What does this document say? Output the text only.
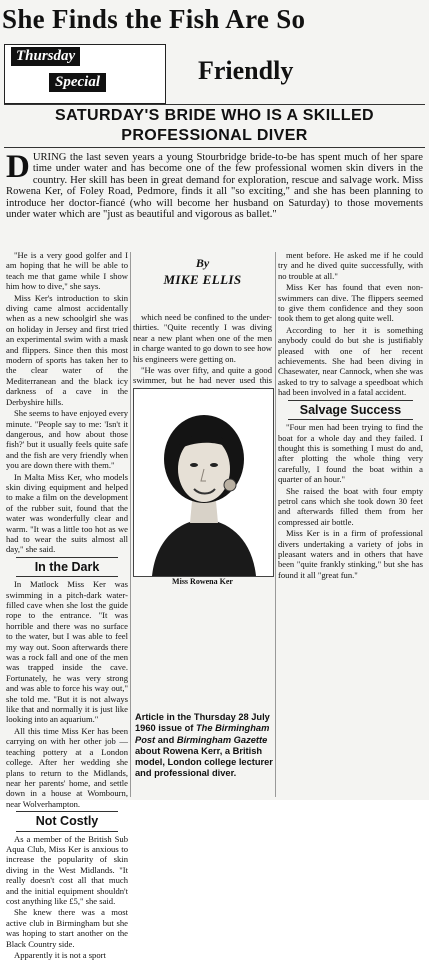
She Finds the Fish Are So
Thursday
Special	Friendly
SATURDAY'S BRIDE WHO IS A SKILLED
PROFESSIONAL DIVER
DURING the last seven years a young Stourbridge bride-to-be has spent much of her spare time under water and has become one of the few professional women skin divers in the country. Her skill has been in great demand for exploration, rescue and salvage work. Miss Rowena Ker, of Foley Road, Pedmore, finds it all "so exciting," and she has been planning to introduce her doctor-fiancé (who will become her husband on Saturday) to those movements under water which are "just as beautiful and vigorous as ballet."

"He is a very good golfer and I am hoping that he will be able to teach me that game while I show him how to dive," she says.

Miss Ker's introduction to skin diving came almost accidentally when as a new schoolgirl she was on holiday in Jersey and first tried an experimental swim with a mask and flippers. Since then this most modern of sports has taken her to the clear water of the Mediterranean and the black icy darkness of a cave in the Derbyshire hills.

She seems to have enjoyed every minute. "People say to me: 'Isn't it dangerous, and how about those fish?' but it usually feels quite safe and the fish are very friendly when you are down there with them."

In Malta Miss Ker, who models skin diving equipment and helped to make a film on the development of the rubber suit, found that the water was wonderfully clear and warm. "It was a little too hot as we had to wear the suits almost all day," she said.

In the Dark

In Matlock Miss Ker was swimming in a pitch-dark water-filled cave when she lost the guide rope to the entrance. "It was horrible and there was no surface to the water, but I was able to feel my way out. Soon afterwards there was a rock fall and one of the men was trapped inside the cave. Fortunately, he was very strong and was able to force his way out," she told me. "But it is not always like that and normally it is just like looking into an aquarium."

All this time Miss Ker has been carrying on with her other job — teaching pottery at a London college. After her wedding she plans to return to the Midlands, near her parents' home, and settle down in a house at Wombourn, near Wolverhampton.

Not Costly

As a member of the British Sub Aqua Club, Miss Ker is anxious to increase the popularity of skin diving in the West Midlands. "It really doesn't cost all that much and the initial equipment shouldn't cost anything like £5," she said.

She knew there was a most active club in Birmingham but she was hoping to start another on the Black Country side.

Apparently it is not a sport

By
MIKE ELLIS

which need be confined to the under-thirties. "Quite recently I was diving near a new plant when one of the men in charge wanted to go down to see how his engineers were getting on.

"He was over fifty, and quite a good swimmer, but he had never used this

Miss Rowena Ker
Article in the Thursday 28 July 1960 issue of The Birmingham Post and Birmingham Gazette about Rowena Kerr, a British model, London college lecturer and professional diver.

ment before. He asked me if he could try and he dived quite successfully, with no trouble at all."

Miss Ker has found that even non-swimmers can dive. The flippers seemed to give them confidence and they soon took them to get along quite well.

According to her it is something anybody could do but she is justifiably pleased with one of her recent achievements. She had been diving in Chasewater, near Cannock, when she was asked to try to salvage a speedboat which had been involved in a fatal accident.

Salvage Success

"Four men had been trying to find the boat for a whole day and they failed. I thought this is something I must do and, after plotting the whole thing very carefully, I found the boat within a quarter of an hour."

She raised the boat with four empty petrol cans which she took down 30 feet and afterwards filled them from her compressed air bottle.

Miss Ker is in a firm of professional divers undertaking a variety of jobs in pleasant waters and in others that have been "quite frankly stinking," but she has found it all "great fun."
